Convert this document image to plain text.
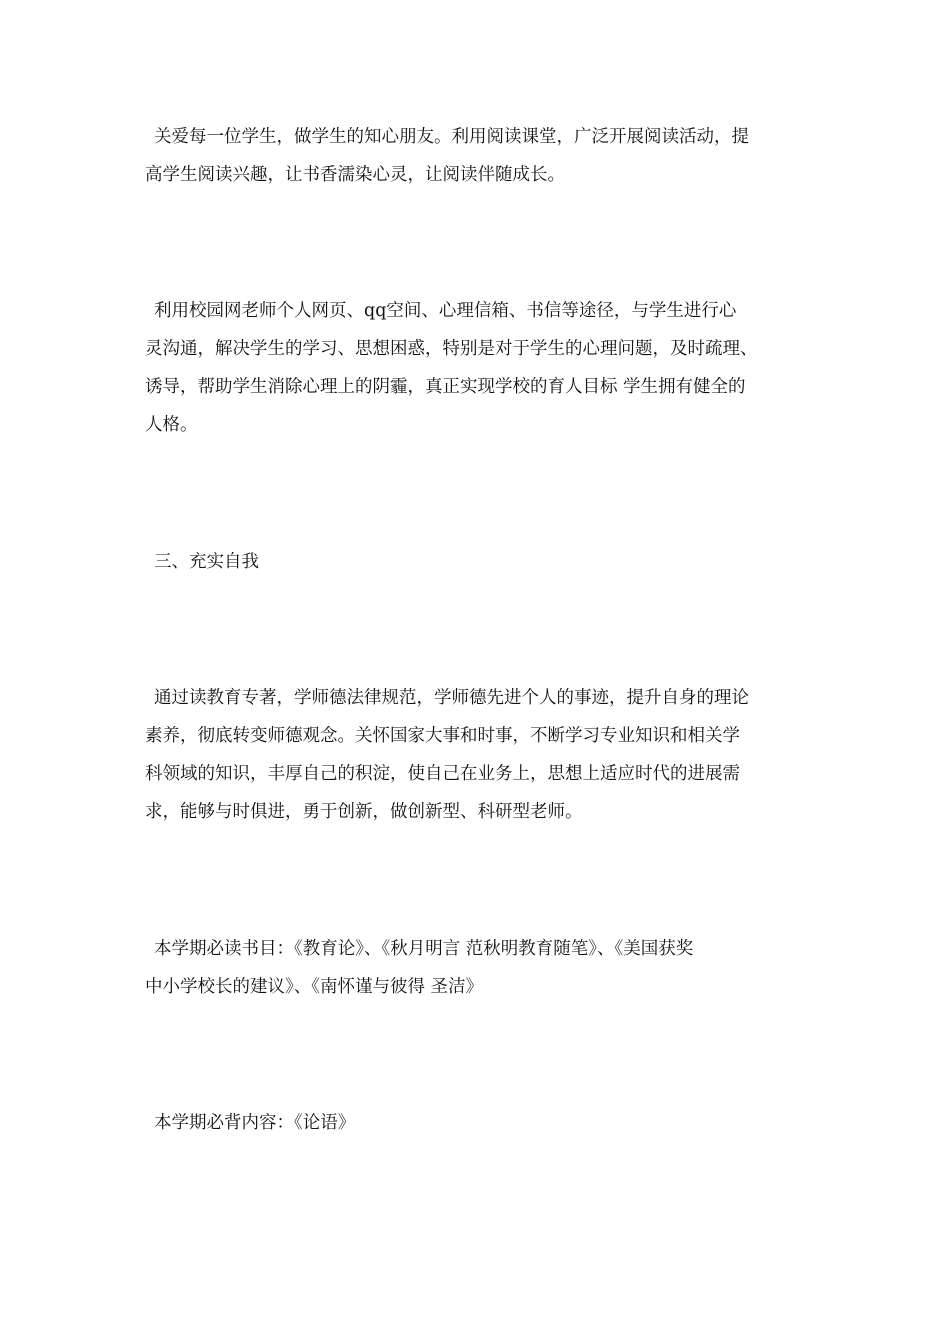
关爱每一位学生，做学生的知心朋友。利用阅读课堂，广泛开展阅读活动，提
高学生阅读兴趣，让书香濡染心灵，让阅读伴随成长。

利用校园网老师个人网页、qq空间、心理信箱、书信等途径，与学生进行心
灵沟通，解决学生的学习、思想困惑，特别是对于学生的心理问题，及时疏理、
诱导，帮助学生消除心理上的阴霾，真正实现学校的育人目标 学生拥有健全的
人格。

三、充实自我

通过读教育专著，学师德法律规范，学师德先进个人的事迹，提升自身的理论
素养，彻底转变师德观念。关怀国家大事和时事，不断学习专业知识和相关学
科领域的知识，丰厚自己的积淀，使自己在业务上，思想上适应时代的进展需
求，能够与时俱进，勇于创新，做创新型、科研型老师。

本学期必读书目：《教育论》、《秋月明言 范秋明教育随笔》、《美国获奖
中小学校长的建议》、《南怀谨与彼得 圣洁》

本学期必背内容：《论语》
